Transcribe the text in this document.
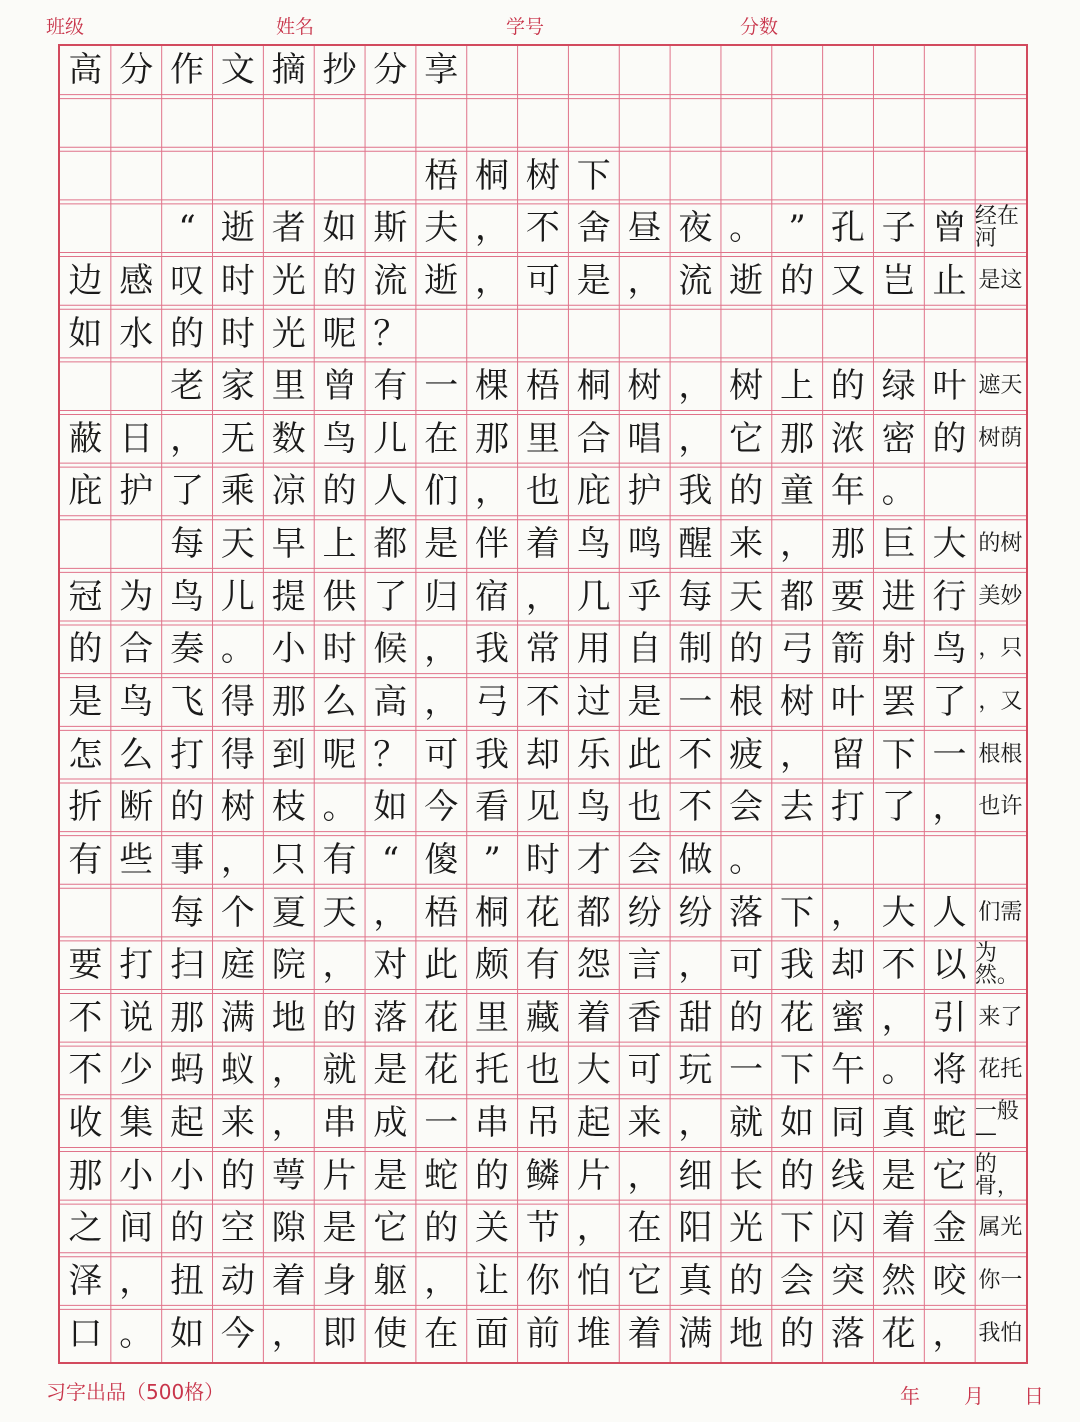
班级	姓名	学号	分数
高 分 作 文 摘 抄 分 享
梧 桐 树 下
“ 逝 者 如 斯 夫 ， 不 舍 昼 夜 。 ” 孔 子 曾 经在河
边 感 叹 时 光 的 流 逝 ， 可 是 ， 流 逝 的 又 岂 止 是这
如 水 的 时 光 呢 ？
老 家 里 曾 有 一 棵 梧 桐 树 ， 树 上 的 绿 叶 遮天
蔽 日 ， 无 数 鸟 儿 在 那 里 合 唱 ， 它 那 浓 密 的 树荫
庇 护 了 乘 凉 的 人 们 ， 也 庇 护 我 的 童 年 。
每 天 早 上 都 是 伴 着 鸟 鸣 醒 来 ， 那 巨 大 的树
冠 为 鸟 儿 提 供 了 归 宿 ， 几 乎 每 天 都 要 进 行 美妙
的 合 奏 。 小 时 候 ， 我 常 用 自 制 的 弓 箭 射 鸟 ，只
是 鸟 飞 得 那 么 高 ， 弓 不 过 是 一 根 树 叶 罢 了 ，又
怎 么 打 得 到 呢 ？ 可 我 却 乐 此 不 疲 ， 留 下 一 根根
折 断 的 树 枝 。 如 今 看 见 鸟 也 不 会 去 打 了 ， 也许
有 些 事 ， 只 有 “ 傻 ” 时 才 会 做 。
每 个 夏 天 ， 梧 桐 花 都 纷 纷 落 下 ， 大 人 们需
要 打 扫 庭 院 ， 对 此 颇 有 怨 言 ， 可 我 却 不 以 为然。
不 说 那 满 地 的 落 花 里 藏 着 香 甜 的 花 蜜 ， 引 来了
不 少 蚂 蚁 ， 就 是 花 托 也 大 可 玩 一 下 午 。 将 花托
收 集 起 来 ， 串 成 一 串 吊 起 来 ， 就 如 同 真 蛇 一般—
那 小 小 的 萼 片 是 蛇 的 鳞 片 ， 细 长 的 线 是 它 的骨，
之 间 的 空 隙 是 它 的 关 节 ， 在 阳 光 下 闪 着 金 属光
泽 ， 扭 动 着 身 躯 ， 让 你 怕 它 真 的 会 突 然 咬 你一
口 。 如 今 ， 即 使 在 面 前 堆 着 满 地 的 落 花 ， 我怕
习字出品（500格）	年 月 日
